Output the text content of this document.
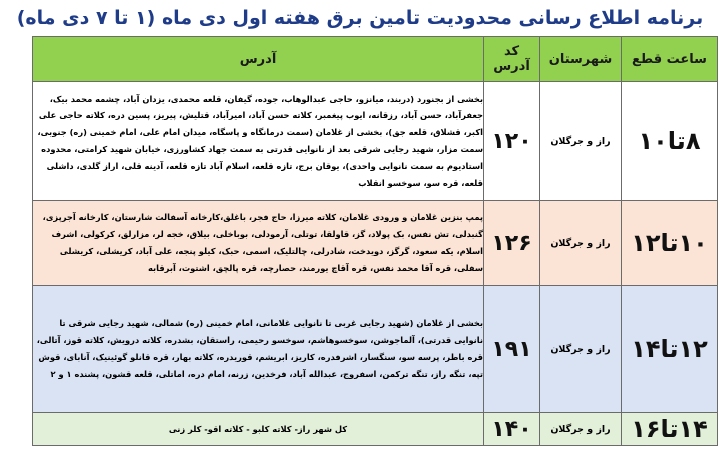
برنامه اطلاع رسانی محدودیت تامین برق هفته اول دی ماه (۱ تا ۷ دی ماه)
ساعت قطع	شهرستان	کد آدرس	آدرس
۸تا۱۰	راز و جرگلان	۱۲۰	بخشی از بجنورد (دربند، میانزو، حاجی عبدالوهاب، جوده، گیفان، قلعه محمدی، یزدان آباد، چشمه محمد بیک، جعفرآباد، حسن آباد، رزقانه، ایوب پیغمبر، کلاته حسن آباد، امیرآباد، قتلیش، پیریز، پسین دره، کلاته حاجی علی اکبر، قشلاق، قلعه جق)، بخشی از غلامان (سمت درمانگاه و پاسگاه، میدان امام علی، امام خمینی (ره) جنوبی، سمت مزار، شهید رجایی شرقی بعد از نانوایی قدرتی به سمت جهاد کشاورزی، خیابان شهید کرامتی، محدوده استادیوم به سمت نانوایی واحدی)، یوقان برج، تازه قلعه، اسلام آباد تازه قلعه، آدینه قلی، اراز گلدی، داشلی قلعه، قره سو، سوخسو انقلاب
۱۰تا۱۲	راز و جرگلان	۱۲۶	پمپ بنزین غلامان و ورودی غلامان، کلاته میرزا، حاج فجر، باغلق،کارخانه آسفالت شارستان، کارخانه آجرپزی، گنبدلی، تش نفس، بک پولاد، گز، قاولقا، توتلی، آرمودلی، بوباخلی، بیلاق، خجه لر، مزارلق، کرکولی، اشرف اسلام، یکه سعود، گرگز، دویدخت، شادرلی، چالتلیک، اسمی، حبک، کیلو پنجه، علی آباد، کریشلی، کریشلی سفلی، قره آقا محمد نفس، قره آقاچ یورمند، حصارچه، قره پالچق، اشتوت، آبرقابه
۱۲تا۱۴	راز و جرگلان	۱۹۱	بخشی از غلامان (شهید رجایی غربی تا نانوایی غلامانی، امام خمینی (ره) شمالی، شهید رجایی شرقی تا نانوایی قدرتی)، آلماجوشن، سوخسوهاشم، سوخسو رحیمی، راستقان، بشدره، کلاته درویش، کلاته قوز، آتالی، قره باطر، پرسه سو، سنگسار، اشرفدره، کاریز، ابریشم، قوریدره، کلاته بهار، قره قانلو گوئینیک، آنابای، قوش تپه، تنگه راز، تنگه ترکمن، اسفروج، عبدالله آباد، فرخدین، زرنه، امام دره، اماتلی، قلعه قشون، پشنده ۱ و ۲
۱۴تا۱۶	راز و جرگلان	۱۴۰	کل شهر راز- کلاته کلبو - کلاته اقو- کلر زنی
